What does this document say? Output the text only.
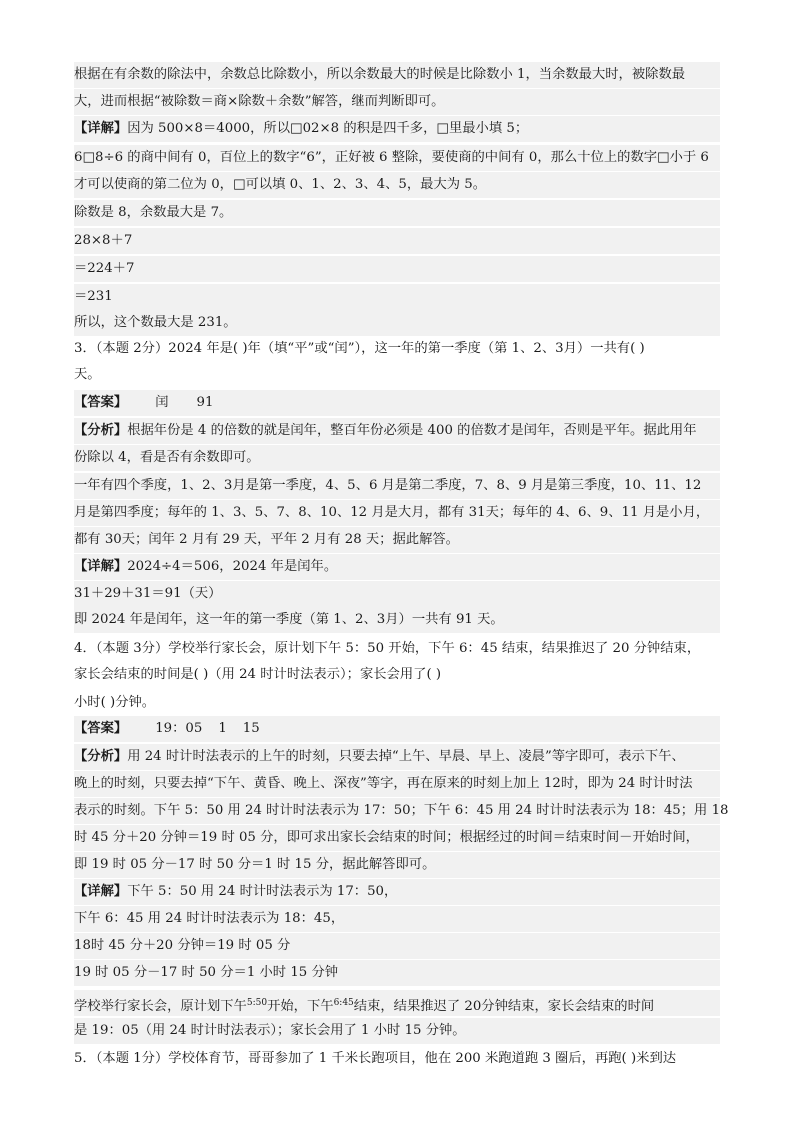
根据在有余数的除法中，余数总比除数小，所以余数最大的时候是比除数小 1，当余数最大时，被除数最
大，进而根据“被除数＝商×除数＋余数”解答，继而判断即可。
【详解】因为 500×8＝4000，所以□02×8 的积是四千多，□里最小填 5；
6□8÷6 的商中间有 0，百位上的数字“6”，正好被 6 整除，要使商的中间有 0，那么十位上的数字□小于 6
才可以使商的第二位为 0，□可以填 0、1、2、3、4、5，最大为 5。
除数是 8，余数最大是 7。
28×8＋7
＝224＋7
＝231
所以，这个数最大是 231。
3．（本题 2分）2024 年是( )年（填“平”或“闰”），这一年的第一季度（第 1、2、3月）一共有( )
天。
【答案】 闰 91
【分析】根据年份是 4 的倍数的就是闰年，整百年份必须是 400 的倍数才是闰年，否则是平年。据此用年
份除以 4，看是否有余数即可。
一年有四个季度，1、2、3月是第一季度，4、5、6 月是第二季度，7、8、9 月是第三季度，10、11、12
月是第四季度；每年的 1、3、5、7、8、10、12 月是大月，都有 31天；每年的 4、6、9、11 月是小月，
都有 30天；闰年 2 月有 29 天，平年 2 月有 28 天；据此解答。
【详解】2024÷4＝506，2024 年是闰年。
31＋29＋31＝91（天）
即 2024 年是闰年，这一年的第一季度（第 1、2、3月）一共有 91 天。
4．（本题 3分）学校举行家长会，原计划下午 5：50 开始，下午 6：45 结束，结果推迟了 20 分钟结束，
家长会结束的时间是( )（用 24 时计时法表示）；家长会用了( )
小时( )分钟。
【答案】 19：05 1 15
【分析】用 24 时计时法表示的上午的时刻，只要去掉“上午、早晨、早上、凌晨”等字即可，表示下午、
晚上的时刻，只要去掉“下午、黄昏、晚上、深夜”等字，再在原来的时刻上加上 12时，即为 24 时计时法
表示的时刻。下午 5：50 用 24 时计时法表示为 17：50；下午 6：45 用 24 时计时法表示为 18：45；用 18
时 45 分＋20 分钟＝19 时 05 分，即可求出家长会结束的时间；根据经过的时间＝结束时间－开始时间，
即 19 时 05 分－17 时 50 分＝1 时 15 分，据此解答即可。
【详解】下午 5：50 用 24 时计时法表示为 17：50，
下午 6：45 用 24 时计时法表示为 18：45，
18时 45 分＋20 分钟＝19 时 05 分
19 时 05 分－17 时 50 分＝1 小时 15 分钟
学校举行家长会，原计划下午$^{5:50}$开始，下午$^{6:45}$结束，结果推迟了 20分钟结束，家长会结束的时间
是 19：05（用 24 时计时法表示）；家长会用了 1 小时 15 分钟。
5．（本题 1分）学校体育节，哥哥参加了 1 千米长跑项目，他在 200 米跑道跑 3 圈后，再跑( )米到达
